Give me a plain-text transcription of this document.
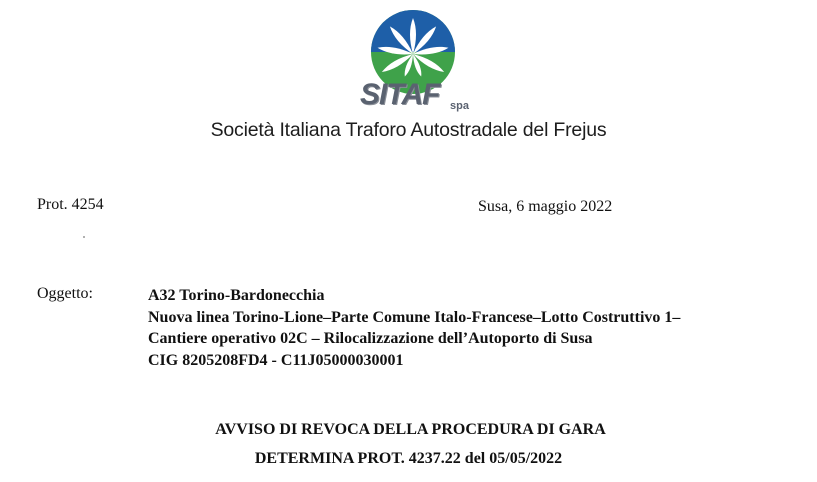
SITAF spa
Società Italiana Traforo Autostradale del Frejus
Prot. 4254	Susa, 6 maggio 2022
Oggetto:	A32 Torino-Bardonecchia
Nuova linea Torino-Lione–Parte Comune Italo-Francese–Lotto Costruttivo 1–
Cantiere operativo 02C – Rilocalizzazione dell’Autoporto di Susa
CIG 8205208FD4 - C11J05000030001
AVVISO DI REVOCA DELLA PROCEDURA DI GARA
DETERMINA PROT. 4237.22 del 05/05/2022
